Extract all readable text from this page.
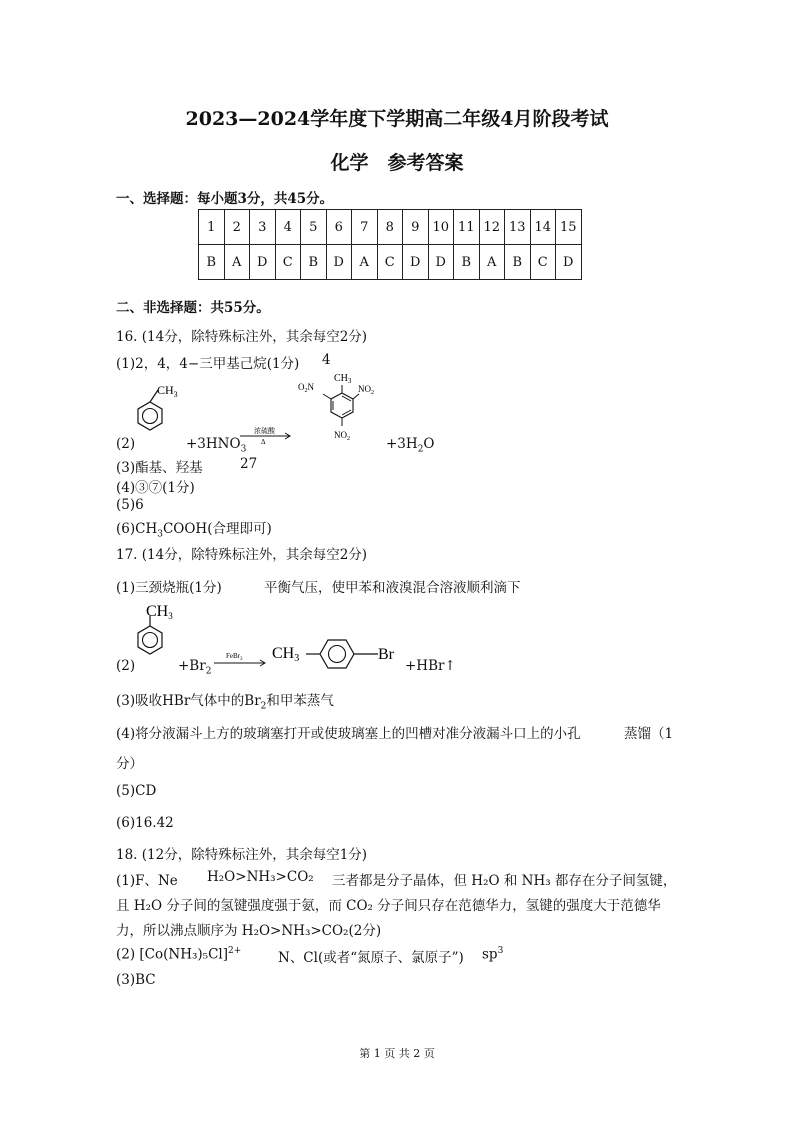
2023—2024学年度下学期高二年级4月阶段考试
化学　参考答案
一、选择题：每小题3分，共45分。
1	2	3	4	5	6	7	8	9	10	11	12	13	14	15
B	A	D	C	B	D	A	C	D	D	B	A	B	C	D
二、非选择题：共55分。
16. (14分，除特殊标注外，其余每空2分)
(1)2，4，4−三甲基己烷(1分) 4
$CH_3$
(2)	$+3HNO_3$
浓硫酸
Δ
$CH_3$
$O_2N$	$NO_2$
$NO_2$	$+3H_2O$
(3)酯基、羟基	27
(4)③⑦(1分)
(5)6
$(6)CH_3COOH$(合理即可)
17. (14分，除特殊标注外，其余每空2分)
(1)三颈烧瓶(1分)	平衡气压，使甲苯和液溴混合溶液顺利滴下
CH3
(2)	$+Br_2$
FeBr$_3$ CH3	Br
+HBr↑
(3)吸收HBr气体中的$Br_2$和甲苯蒸气
(4)将分液漏斗上方的玻璃塞打开或使玻璃塞上的凹槽对准分液漏斗口上的小孔	蒸馏（1
分）
(5)CD
(6)16.42
18. (12分，除特殊标注外，其余每空1分)
(1)F、Ne H₂O>NH₃>CO₂ 三者都是分子晶体，但 H₂O 和 NH₃ 都存在分子间氢键，
且 H₂O 分子间的氢键强度强于氨，而 CO₂ 分子间只存在范德华力，氢键的强度大于范德华
力，所以沸点顺序为 H₂O>NH₃>CO₂(2分)
(2) $[Co(NH_3)_5Cl]^{2+}$	N、Cl(或者“氮原子、氯原子”) $sp^3$
(3)BC
第 1 页 共 2 页
